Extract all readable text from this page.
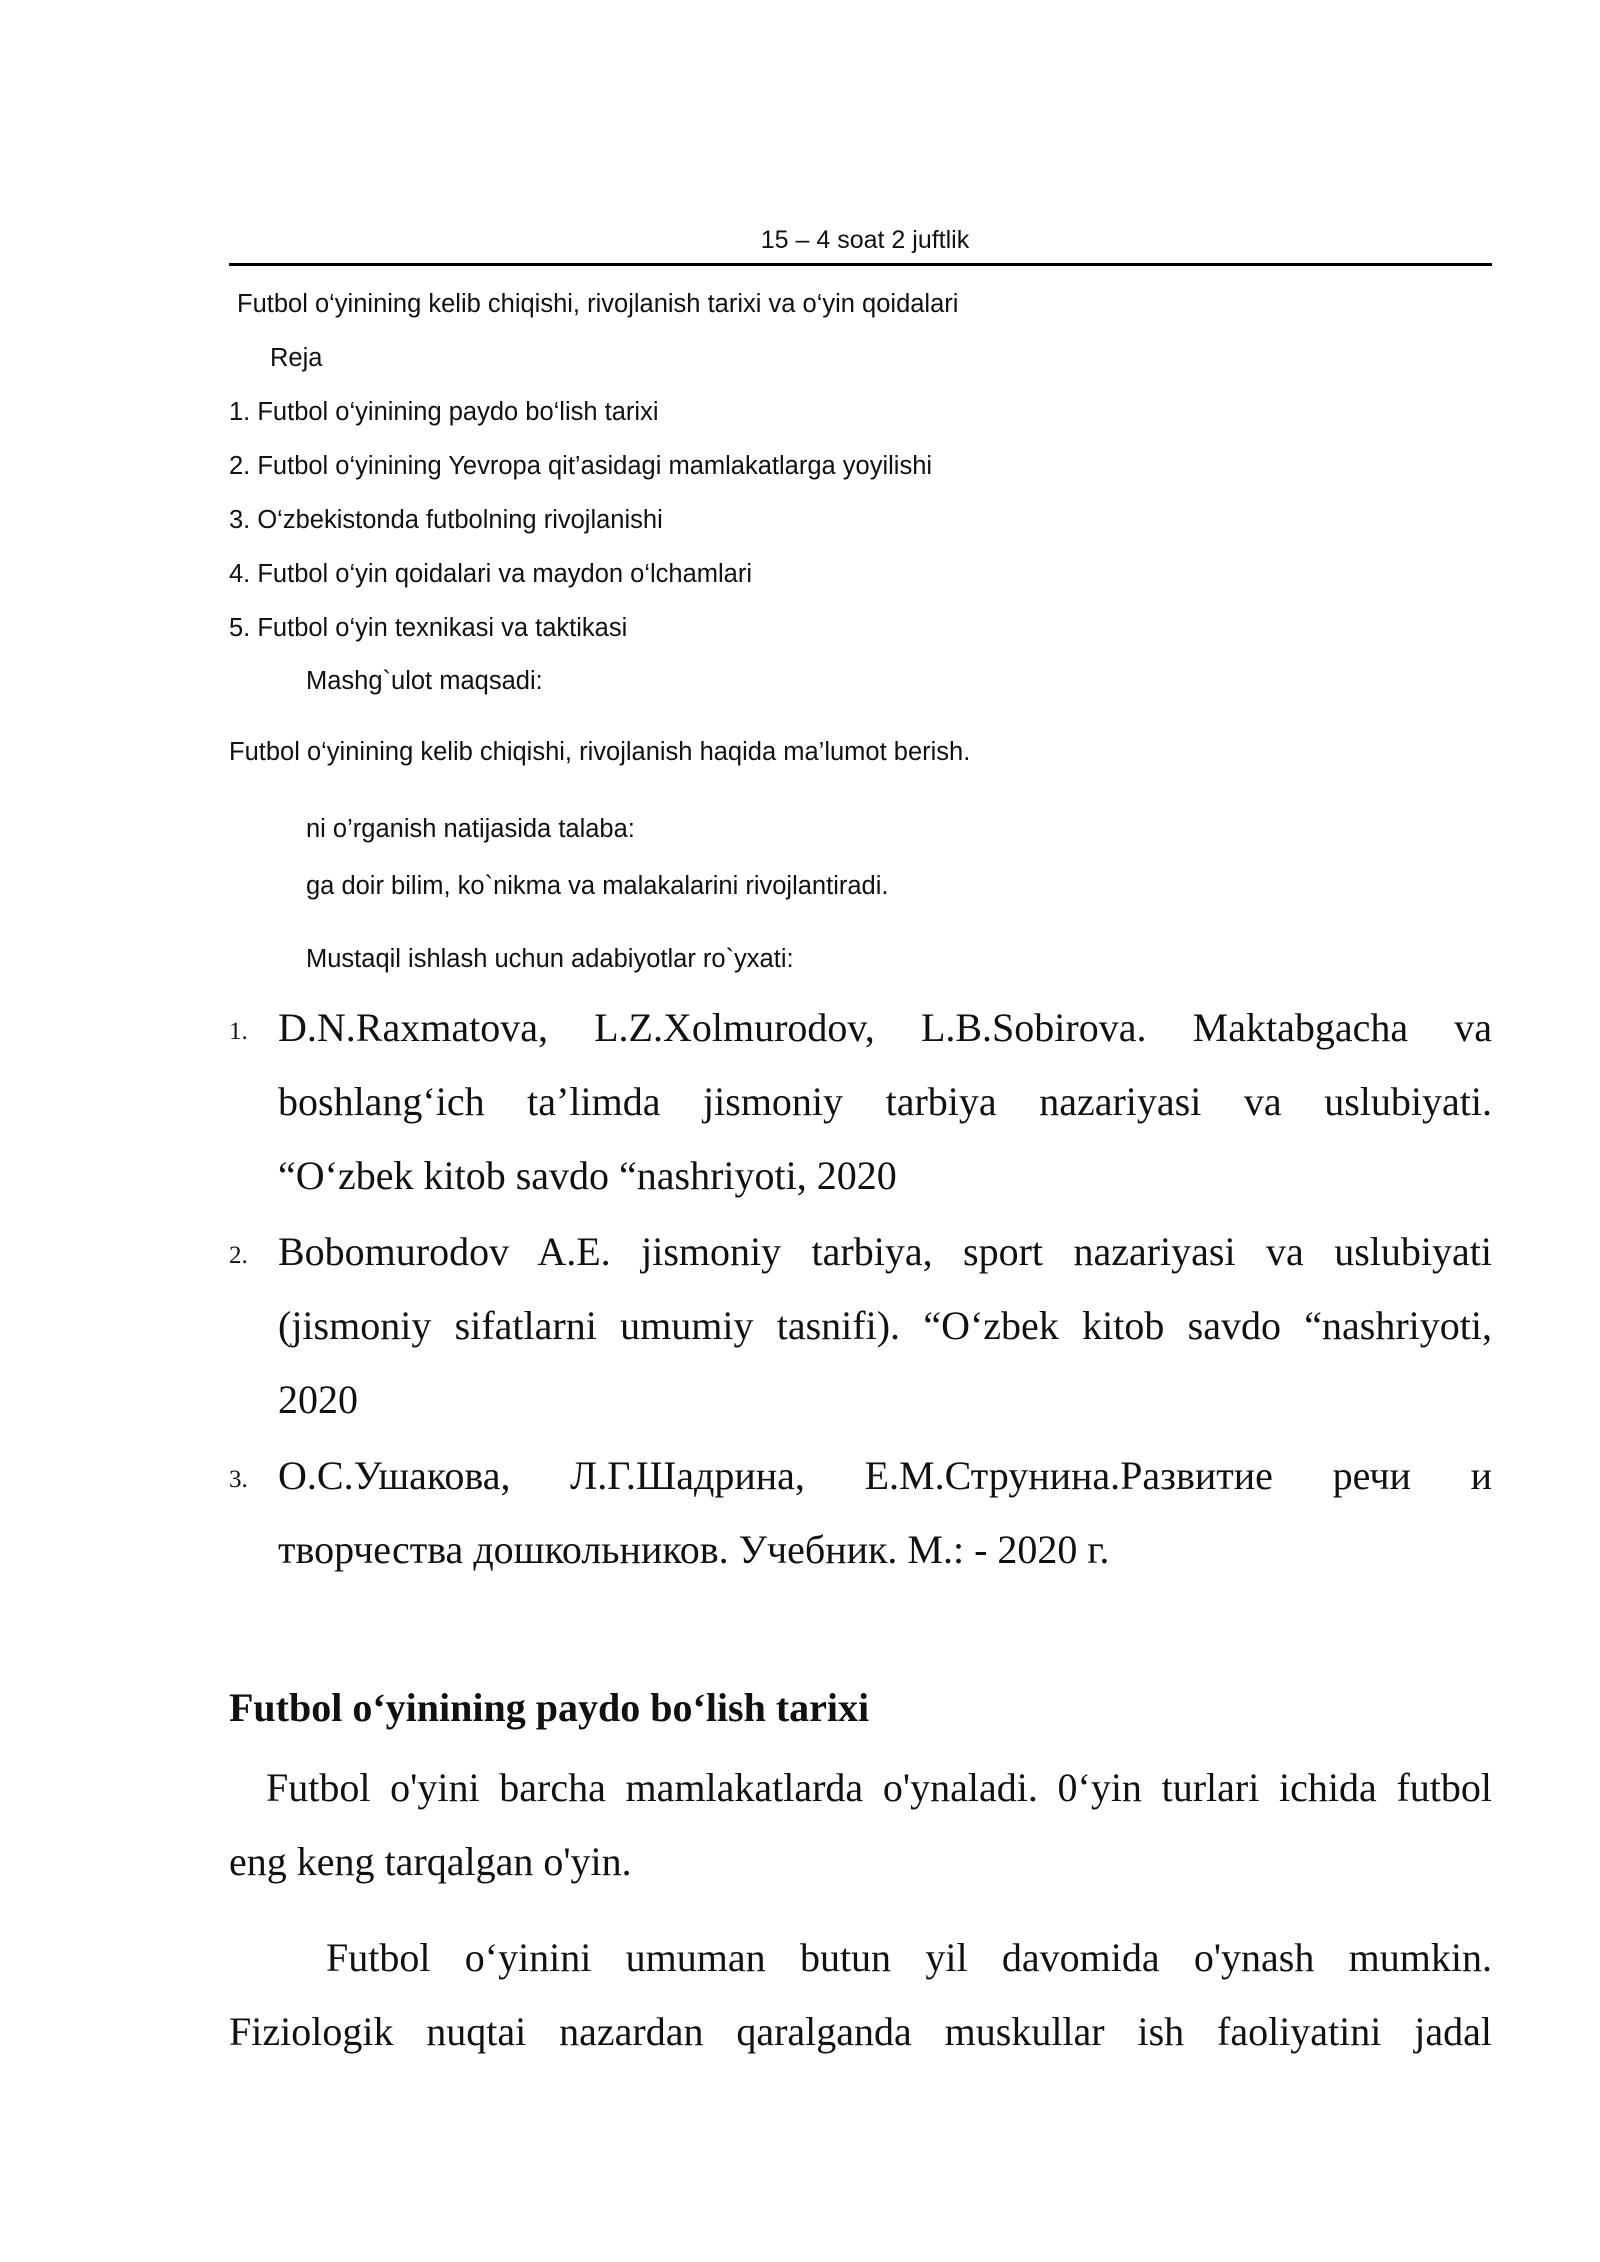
15 – 4 soat 2 juftlik
Futbol o‘yinining kelib chiqishi, rivojlanish tarixi va o‘yin qoidalari
Reja
1. Futbol o‘yinining paydo bo‘lish tarixi
2. Futbol o‘yinining Yevropa qit’asidagi mamlakatlarga yoyilishi
3. O‘zbekistonda futbolning rivojlanishi
4. Futbol o‘yin qoidalari va maydon o‘lchamlari
5. Futbol o‘yin texnikasi va taktikasi
Mashg`ulot maqsadi:
Futbol o‘yinining kelib chiqishi, rivojlanish haqida ma’lumot berish.
ni o’rganish natijasida talaba:
ga doir bilim, ko`nikma va malakalarini rivojlantiradi.
Mustaqil ishlash uchun adabiyotlar ro`yxati:
1. D.N.Raxmatova, L.Z.Xolmurodov, L.B.Sobirova. Maktabgacha va
boshlang‘ich ta’limda jismoniy tarbiya nazariyasi va uslubiyati.
“O‘zbek kitob savdo “nashriyoti, 2020
2. Bobomurodov A.E. jismoniy tarbiya, sport nazariyasi va uslubiyati
(jismoniy sifatlarni umumiy tasnifi). “O‘zbek kitob savdo “nashriyoti,
2020
3. О.С.Ушакова, Л.Г.Шадрина, Е.М.Струнина.Развитие речи и
творчества дошкольников. Учебник. М.: - 2020 г.
Futbol o‘yinining paydo bo‘lish tarixi
Futbol o'yini barcha mamlakatlarda o'ynaladi. 0‘yin turlari ichida futbol
eng keng tarqalgan o'yin.
Futbol o‘yinini umuman butun yil davomida o'ynash mumkin.
Fiziologik nuqtai nazardan qaralganda muskullar ish faoliyatini jadal
